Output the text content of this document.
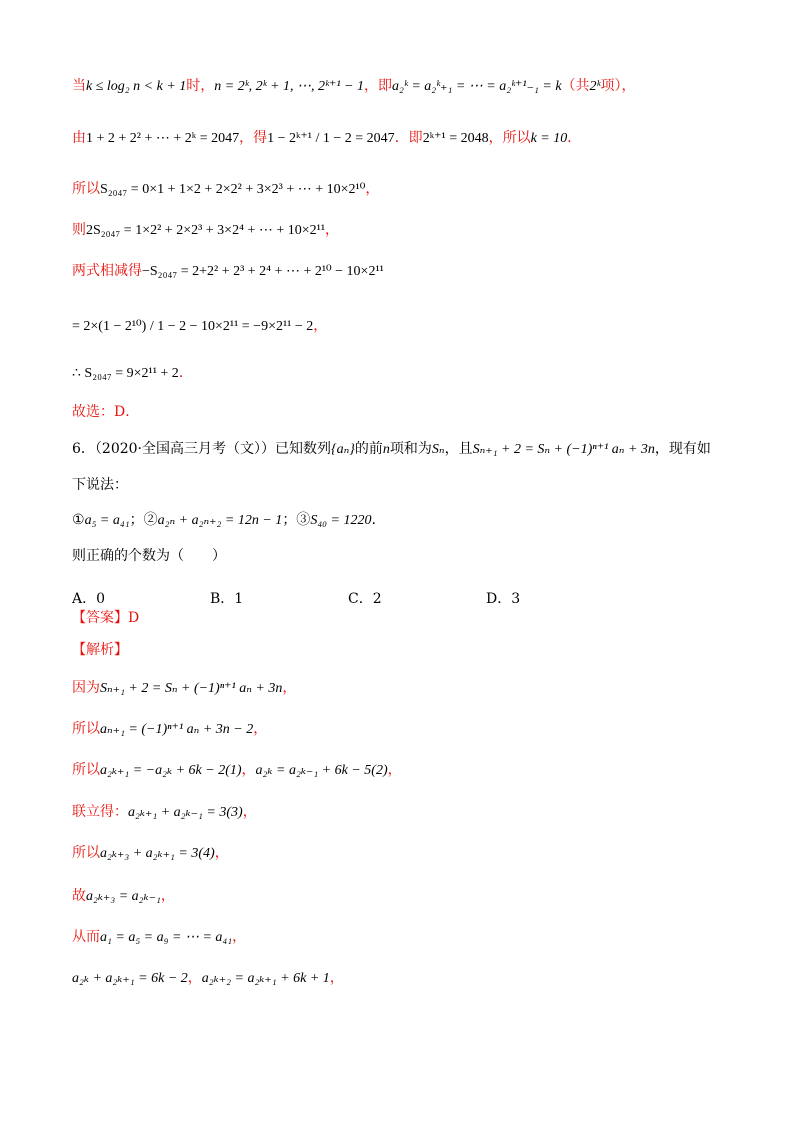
当k ≤ log₂ n < k + 1时，n = 2ᵏ, 2ᵏ + 1, ⋯, 2ᵏ⁺¹ − 1，即a₂ᵏ = a₂ᵏ₊₁ = ⋯ = a₂ᵏ⁺¹₋₁ = k（共2ᵏ项），
由1 + 2 + 2² + ⋯ + 2ᵏ = 2047，得1 − 2ᵏ⁺¹ / 1 − 2 = 2047．即2ᵏ⁺¹ = 2048，所以k = 10．
所以S₂₀₄₇ = 0×1 + 1×2 + 2×2² + 3×2³ + ⋯ + 10×2¹⁰，
则2S₂₀₄₇ = 1×2² + 2×2³ + 3×2⁴ + ⋯ + 10×2¹¹，
两式相减得−S₂₀₄₇ = 2+2² + 2³ + 2⁴ + ⋯ + 2¹⁰ − 10×2¹¹
= 2×(1 − 2¹⁰) / 1 − 2 − 10×2¹¹ = −9×2¹¹ − 2，
∴ S₂₀₄₇ = 9×2¹¹ + 2．
故选：D．
6．（2020·全国高三月考（文））已知数列{aₙ}的前n项和为Sₙ，且Sₙ₊₁ + 2 = Sₙ + (−1)ⁿ⁺¹ aₙ + 3n，现有如
下说法：
①a₅ = a₄₁；②a₂ₙ + a₂ₙ₊₂ = 12n − 1；③S₄₀ = 1220.
则正确的个数为（　　）
【答案】D
【解析】
因为Sₙ₊₁ + 2 = Sₙ + (−1)ⁿ⁺¹ aₙ + 3n，
所以aₙ₊₁ = (−1)ⁿ⁺¹ aₙ + 3n − 2，
所以a₂ₖ₊₁ = −a₂ₖ + 6k − 2(1)，a₂ₖ = a₂ₖ₋₁ + 6k − 5(2)，
联立得：a₂ₖ₊₁ + a₂ₖ₋₁ = 3(3)，
所以a₂ₖ₊₃ + a₂ₖ₊₁ = 3(4)，
故a₂ₖ₊₃ = a₂ₖ₋₁，
从而a₁ = a₅ = a₉ = ⋯ = a₄₁，
a₂ₖ + a₂ₖ₊₁ = 6k − 2，a₂ₖ₊₂ = a₂ₖ₊₁ + 6k + 1，
A．0	B．1	C．2	D．3
